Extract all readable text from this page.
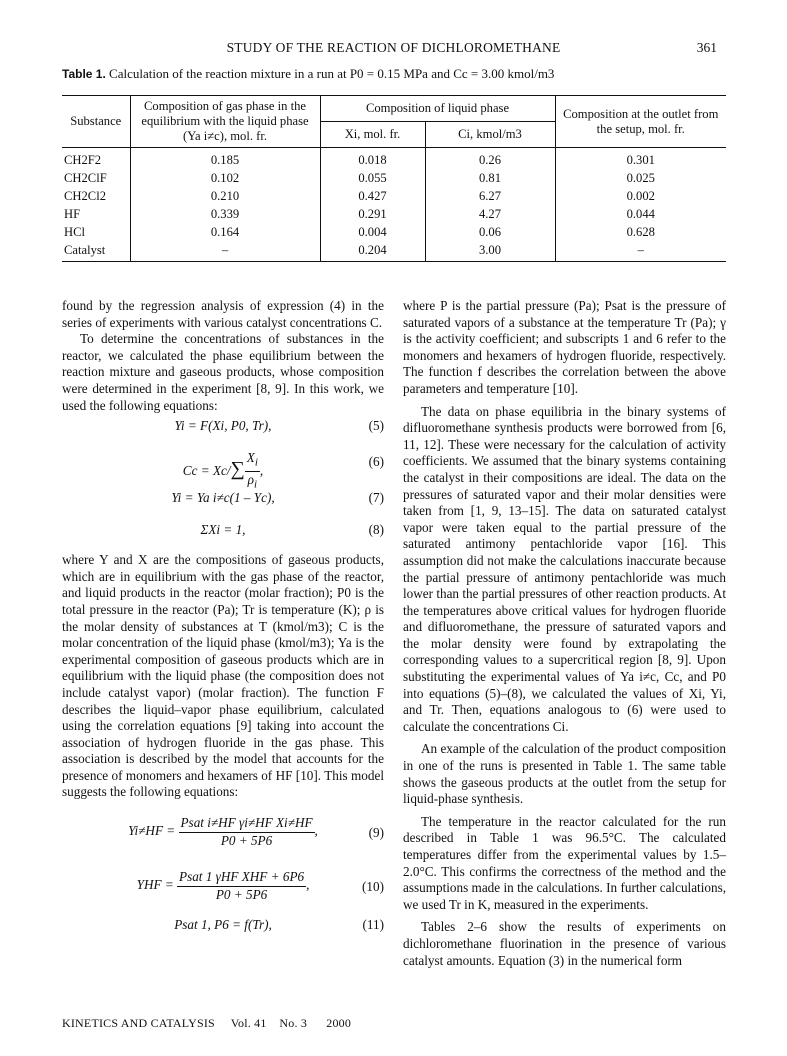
STUDY OF THE REACTION OF DICHLOROMETHANE	361
Table 1. Calculation of the reaction mixture in a run at P0 = 0.15 MPa and Cc = 3.00 kmol/m3
Substance	Composition of gas phase in the equilibrium with the liquid phase (Ya i≠c), mol. fr.	Composition of liquid phase		Composition at the outlet from the setup, mol. fr.
		Xi, mol. fr.	Ci, kmol/m3	
CH2F2	0.185	0.018	0.26	0.301
CH2ClF	0.102	0.055	0.81	0.025
CH2Cl2	0.210	0.427	6.27	0.002
HF	0.339	0.291	4.27	0.044
HCl	0.164	0.004	0.06	0.628
Catalyst	–	0.204	3.00	–

found by the regression analysis of expression (4) in the series of experiments with various catalyst concentrations C.

To determine the concentrations of substances in the reactor, we calculated the phase equilibrium between the reaction mixture and gaseous products, whose composition were determined in the experiment [8, 9]. In this work, we used the following equations:

Yi = F(Xi, P0, Tr),	(5)
$Cc = Xc/\sum \frac{X_i}{\rho_i}$ ,
(6)
Yi = Ya i≠c(1 – Yc),	(7)
ΣXi = 1,	(8)

where Y and X are the compositions of gaseous products, which are in equilibrium with the gas phase of the reactor, and liquid products in the reactor (molar fraction); P0 is the total pressure in the reactor (Pa); Tr is temperature (K); ρ is the molar density of substances at T (kmol/m3); C is the molar concentration of the liquid phase (kmol/m3); Ya is the experimental composition of gaseous products which are in equilibrium with the liquid phase (the composition does not include catalyst vapor) (molar fraction). The function F describes the liquid–vapor phase equilibrium, calculated using the correlation equations [9] taking into account the association of hydrogen fluoride in the gas phase. This association is described by the model that accounts for the presence of monomers and hexamers of HF [10]. This model suggests the following equations:

$Yi\ne HF = \frac{\text{Psat i≠HF γi≠HF Xi≠HF}}{P0 + 5P6}$ ,	(9)
YHF = $\frac{\text{Psat 1 γHF XHF + 6P6}}{P0 + 5P6}$ ,	(10)
Psat 1, P6 = f(Tr),	(11)

where P is the partial pressure (Pa); Psat is the pressure of saturated vapors of a substance at the temperature Tr (Pa); γ is the activity coefficient; and subscripts 1 and 6 refer to the monomers and hexamers of hydrogen fluoride, respectively. The function f describes the correlation between the above parameters and temperature [10].

The data on phase equilibria in the binary systems of difluoromethane synthesis products were borrowed from [6, 11, 12]. These were necessary for the calculation of activity coefficients. We assumed that the binary systems containing the catalyst in their compositions are ideal. The data on the pressures of saturated vapor and their molar densities were taken from [1, 9, 13–15]. The data on saturated catalyst vapor were taken equal to the partial pressure of the saturated antimony pentachloride vapor [16]. This assumption did not make the calculations inaccurate because the partial pressure of antimony pentachloride was much lower than the partial pressures of other reaction products. At the temperatures above critical values for hydrogen fluoride and difluoromethane, the pressure of saturated vapors and the molar density were found by extrapolating the corresponding values to a supercritical region [8, 9]. Upon substituting the experimental values of Ya i≠c, Cc, and P0 into equations (5)–(8), we calculated the values of Xi, Yi, and Tr. Then, equations analogous to (6) were used to calculate the concentrations Ci.

An example of the calculation of the product composition in one of the runs is presented in Table 1. The same table shows the gaseous products at the outlet from the setup for liquid-phase synthesis.

The temperature in the reactor calculated for the run described in Table 1 was 96.5°C. The calculated temperatures differ from the experimental values by 1.5–2.0°C. This confirms the correctness of the method and the assumptions made in the calculations. In further calculations, we used Tr in K, measured in the experiments.

Tables 2–6 show the results of experiments on dichloromethane fluorination in the presence of various catalyst amounts. Equation (3) in the numerical form

KINETICS AND CATALYSIS Vol. 41 No. 3 2000
